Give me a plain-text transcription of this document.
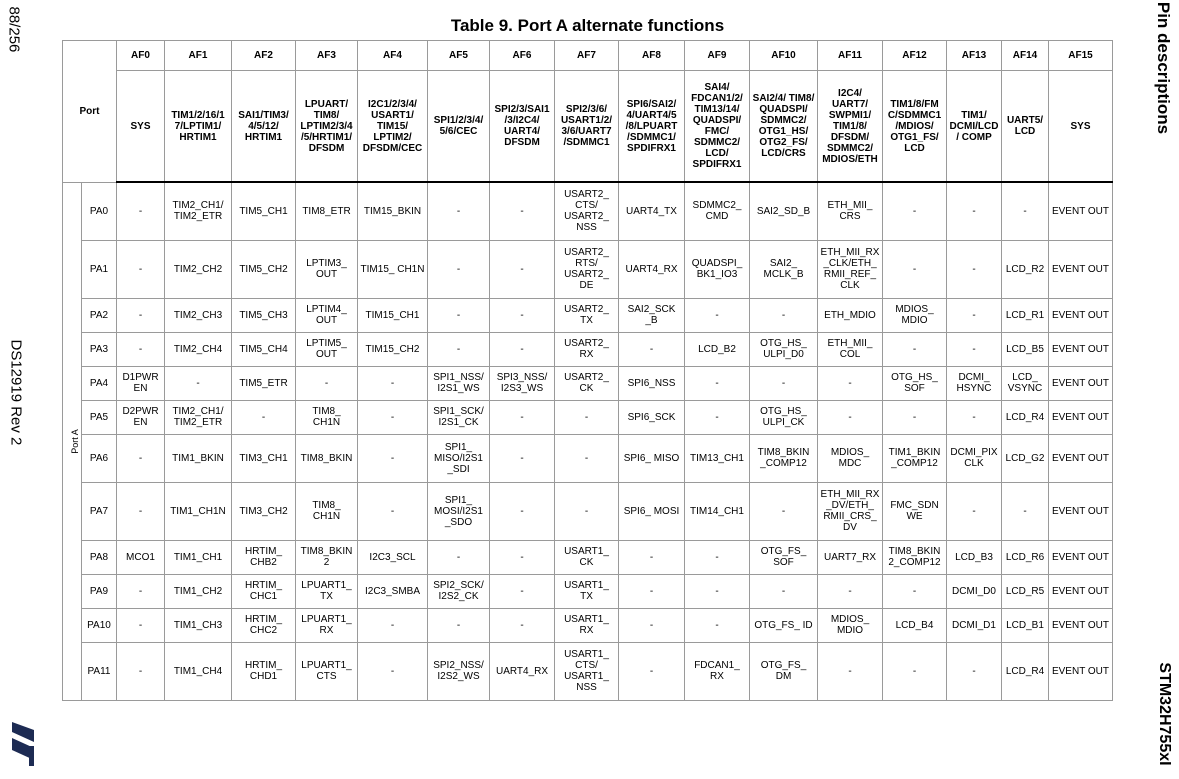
88/256
DS12919 Rev 2
Pin descriptions
STM32H755xI
Table 9. Port A alternate functions
Port		AF0	AF1	AF2	AF3	AF4	AF5	AF6	AF7	AF8	AF9	AF10	AF11	AF12	AF13	AF14	AF15
		SYS	TIM1/2/16/1 7/LPTIM1/ HRTIM1	SAI1/TIM3/ 4/5/12/ HRTIM1	LPUART/ TIM8/ LPTIM2/3/4 /5/HRTIM1/ DFSDM	I2C1/2/3/4/ USART1/ TIM15/ LPTIM2/ DFSDM/CEC	SPI1/2/3/4/ 5/6/CEC	SPI2/3/SAI1 /3/I2C4/ UART4/ DFSDM	SPI2/3/6/ USART1/2/ 3/6/UART7 /SDMMC1	SPI6/SAI2/ 4/UART4/5 /8/LPUART /SDMMC1/ SPDIFRX1	SAI4/ FDCAN1/2/ TIM13/14/ QUADSPI/ FMC/ SDMMC2/ LCD/ SPDIFRX1	SAI2/4/ TIM8/ QUADSPI/ SDMMC2/ OTG1_HS/ OTG2_FS/ LCD/CRS	I2C4/ UART7/ SWPMI1/ TIM1/8/ DFSDM/ SDMMC2/ MDIOS/ETH	TIM1/8/FM C/SDMMC1 /MDIOS/ OTG1_FS/ LCD	TIM1/ DCMI/LCD/ COMP	UART5/ LCD	SYS
Port A	PA0	-	TIM2_CH1/ TIM2_ETR	TIM5_CH1	TIM8_ETR	TIM15_BKIN	-	-	USART2_ CTS/ USART2_ NSS	UART4_TX	SDMMC2_ CMD	SAI2_SD_B	ETH_MII_ CRS	-	-	-	EVENT OUT
	PA1	-	TIM2_CH2	TIM5_CH2	LPTIM3_ OUT	TIM15_ CH1N	-	-	USART2_ RTS/ USART2_ DE	UART4_RX	QUADSPI_ BK1_IO3	SAI2_ MCLK_B	ETH_MII_RX _CLK/ETH_ RMII_REF_ CLK	-	-	LCD_R2	EVENT OUT
	PA2	-	TIM2_CH3	TIM5_CH3	LPTIM4_ OUT	TIM15_CH1	-	-	USART2_ TX	SAI2_SCK _B	-	-	ETH_MDIO	MDIOS_ MDIO	-	LCD_R1	EVENT OUT
	PA3	-	TIM2_CH4	TIM5_CH4	LPTIM5_ OUT	TIM15_CH2	-	-	USART2_ RX	-	LCD_B2	OTG_HS_ ULPI_D0	ETH_MII_ COL	-	-	LCD_B5	EVENT OUT
	PA4	D1PWR EN	-	TIM5_ETR	-	-	SPI1_NSS/ I2S1_WS	SPI3_NSS/ I2S3_WS	USART2_ CK	SPI6_NSS	-	-	-	OTG_HS_ SOF	DCMI_ HSYNC	LCD_ VSYNC	EVENT OUT
	PA5	D2PWR EN	TIM2_CH1/ TIM2_ETR	-	TIM8_ CH1N	-	SPI1_SCK/ I2S1_CK	-	-	SPI6_SCK	-	OTG_HS_ ULPI_CK	-	-	-	LCD_R4	EVENT OUT
	PA6	-	TIM1_BKIN	TIM3_CH1	TIM8_BKIN	-	SPI1_ MISO/I2S1 _SDI	-	-	SPI6_ MISO	TIM13_CH1	TIM8_BKIN _COMP12	MDIOS_ MDC	TIM1_BKIN _COMP12	DCMI_PIX CLK	LCD_G2	EVENT OUT
	PA7	-	TIM1_CH1N	TIM3_CH2	TIM8_ CH1N	-	SPI1_ MOSI/I2S1 _SDO	-	-	SPI6_ MOSI	TIM14_CH1	-	ETH_MII_RX _DV/ETH_ RMII_CRS_ DV	FMC_SDN WE	-	-	EVENT OUT
	PA8	MCO1	TIM1_CH1	HRTIM_ CHB2	TIM8_BKIN 2	I2C3_SCL	-	-	USART1_ CK	-	-	OTG_FS_ SOF	UART7_RX	TIM8_BKIN 2_COMP12	LCD_B3	LCD_R6	EVENT OUT
	PA9	-	TIM1_CH2	HRTIM_ CHC1	LPUART1_ TX	I2C3_SMBA	SPI2_SCK/ I2S2_CK	-	USART1_ TX	-	-	-	-	-	DCMI_D0	LCD_R5	EVENT OUT
	PA10	-	TIM1_CH3	HRTIM_ CHC2	LPUART1_ RX	-	-	-	USART1_ RX	-	-	OTG_FS_ ID	MDIOS_ MDIO	LCD_B4	DCMI_D1	LCD_B1	EVENT OUT
	PA11	-	TIM1_CH4	HRTIM_ CHD1	LPUART1_ CTS	-	SPI2_NSS/ I2S2_WS	UART4_RX	USART1_ CTS/ USART1_ NSS	-	FDCAN1_ RX	OTG_FS_ DM	-	-	-	LCD_R4	EVENT OUT
